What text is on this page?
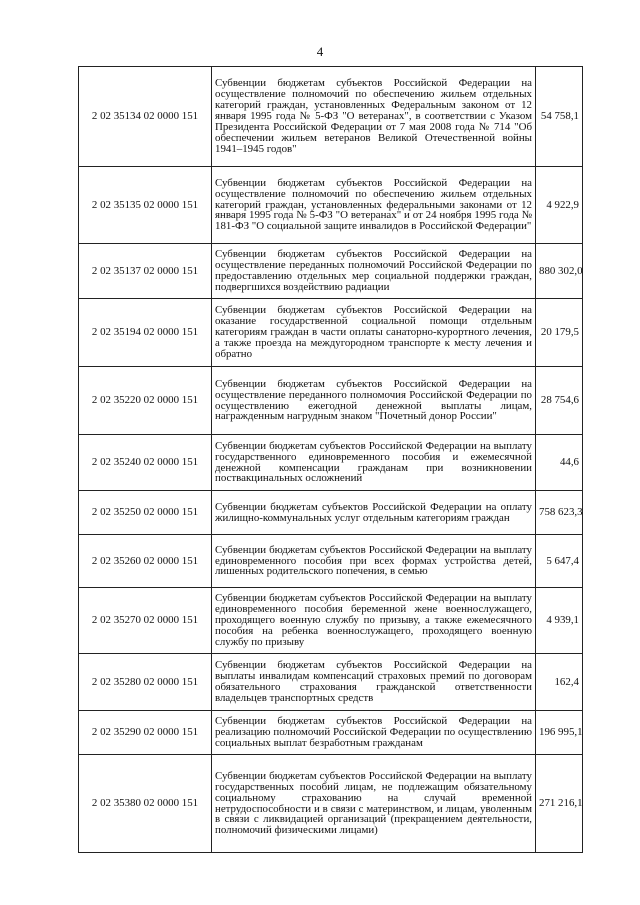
4
2 02 35134 02 0000 151	Субвенции бюджетам субъектов Российской Федерации на осуществление полномочий по обеспечению жильем отдельных категорий граждан, установленных Федеральным законом от 12 января 1995 года № 5-ФЗ "О ветеранах", в соответствии с Указом Президента Российской Федерации от 7 мая 2008 года № 714 "Об обеспечении жильем ветеранов Великой Отечественной войны 1941–1945 годов"	54 758,1
2 02 35135 02 0000 151	Субвенции бюджетам субъектов Российской Федерации на осуществление полномочий по обеспечению жильем отдельных категорий граждан, установленных федеральными законами от 12 января 1995 года № 5-ФЗ "О ветеранах" и от 24 ноября 1995 года № 181-ФЗ "О социальной защите инвалидов в Российской Федерации"	4 922,9
2 02 35137 02 0000 151	Субвенции бюджетам субъектов Российской Федерации на осуществление переданных полномочий Российской Федерации по предоставлению отдельных мер социальной поддержки граждан, подвергшихся воздействию радиации	880 302,0
2 02 35194 02 0000 151	Субвенции бюджетам субъектов Российской Федерации на оказание государственной социальной помощи отдельным категориям граждан в части оплаты санаторно-курортного лечения, а также проезда на междугородном транспорте к месту лечения и обратно	20 179,5
2 02 35220 02 0000 151	Субвенции бюджетам субъектов Российской Федерации на осуществление переданного полномочия Российской Федерации по осуществлению ежегодной денежной выплаты лицам, награжденным нагрудным знаком "Почетный донор России"	28 754,6
2 02 35240 02 0000 151	Субвенции бюджетам субъектов Российской Федерации на выплату государственного единовременного пособия и ежемесячной денежной компенсации гражданам при возникновении поствакцинальных осложнений	44,6
2 02 35250 02 0000 151	Субвенции бюджетам субъектов Российской Федерации на оплату жилищно-коммунальных услуг отдельным категориям граждан	758 623,3
2 02 35260 02 0000 151	Субвенции бюджетам субъектов Российской Федерации на выплату единовременного пособия при всех формах устройства детей, лишенных родительского попечения, в семью	5 647,4
2 02 35270 02 0000 151	Субвенции бюджетам субъектов Российской Федерации на выплату единовременного пособия беременной жене военнослужащего, проходящего военную службу по призыву, а также ежемесячного пособия на ребенка военнослужащего, проходящего военную службу по призыву	4 939,1
2 02 35280 02 0000 151	Субвенции бюджетам субъектов Российской Федерации на выплаты инвалидам компенсаций страховых премий по договорам обязательного страхования гражданской ответственности владельцев транспортных средств	162,4
2 02 35290 02 0000 151	Субвенции бюджетам субъектов Российской Федерации на реализацию полномочий Российской Федерации по осуществлению социальных выплат безработным гражданам	196 995,1
2 02 35380 02 0000 151	Субвенции бюджетам субъектов Российской Федерации на выплату государственных пособий лицам, не подлежащим обязательному социальному страхованию на случай временной нетрудоспособности и в связи с материнством, и лицам, уволенным в связи с ликвидацией организаций (прекращением деятельности, полномочий физическими лицами)	271 216,1
